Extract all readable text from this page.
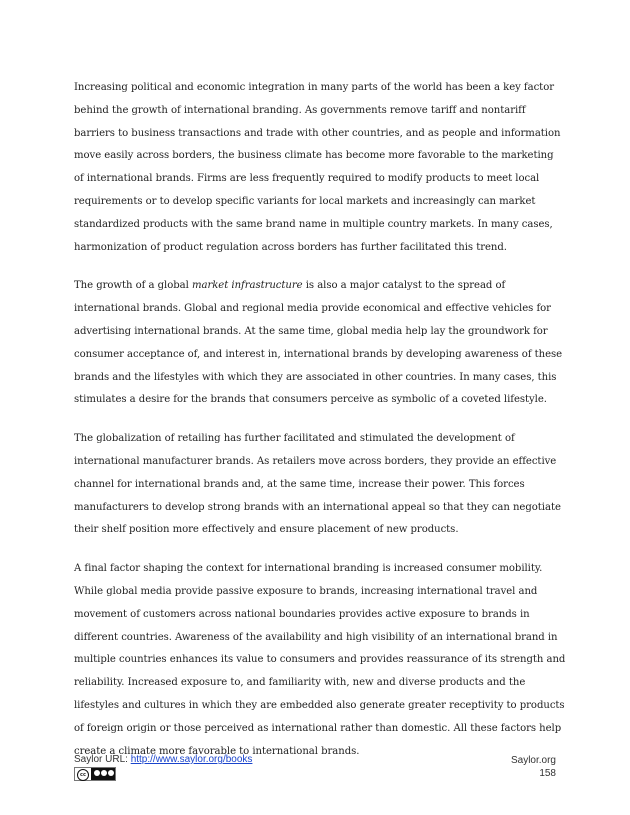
Increasing political and economic integration in many parts of the world has been a key factor behind the growth of international branding. As governments remove tariff and nontariff barriers to business transactions and trade with other countries, and as people and information move easily across borders, the business climate has become more favorable to the marketing of international brands. Firms are less frequently required to modify products to meet local requirements or to develop specific variants for local markets and increasingly can market standardized products with the same brand name in multiple country markets. In many cases, harmonization of product regulation across borders has further facilitated this trend.

The growth of a global market infrastructure is also a major catalyst to the spread of international brands. Global and regional media provide economical and effective vehicles for advertising international brands. At the same time, global media help lay the groundwork for consumer acceptance of, and interest in, international brands by developing awareness of these brands and the lifestyles with which they are associated in other countries. In many cases, this stimulates a desire for the brands that consumers perceive as symbolic of a coveted lifestyle.

The globalization of retailing has further facilitated and stimulated the development of international manufacturer brands. As retailers move across borders, they provide an effective channel for international brands and, at the same time, increase their power. This forces manufacturers to develop strong brands with an international appeal so that they can negotiate their shelf position more effectively and ensure placement of new products.

A final factor shaping the context for international branding is increased consumer mobility. While global media provide passive exposure to brands, increasing international travel and movement of customers across national boundaries provides active exposure to brands in different countries. Awareness of the availability and high visibility of an international brand in multiple countries enhances its value to consumers and provides reassurance of its strength and reliability. Increased exposure to, and familiarity with, new and diverse products and the lifestyles and cultures in which they are embedded also generate greater receptivity to products of foreign origin or those perceived as international rather than domestic. All these factors help create a climate more favorable to international brands.

Saylor URL: http://www.saylor.org/books	Saylor.org
158
cc
